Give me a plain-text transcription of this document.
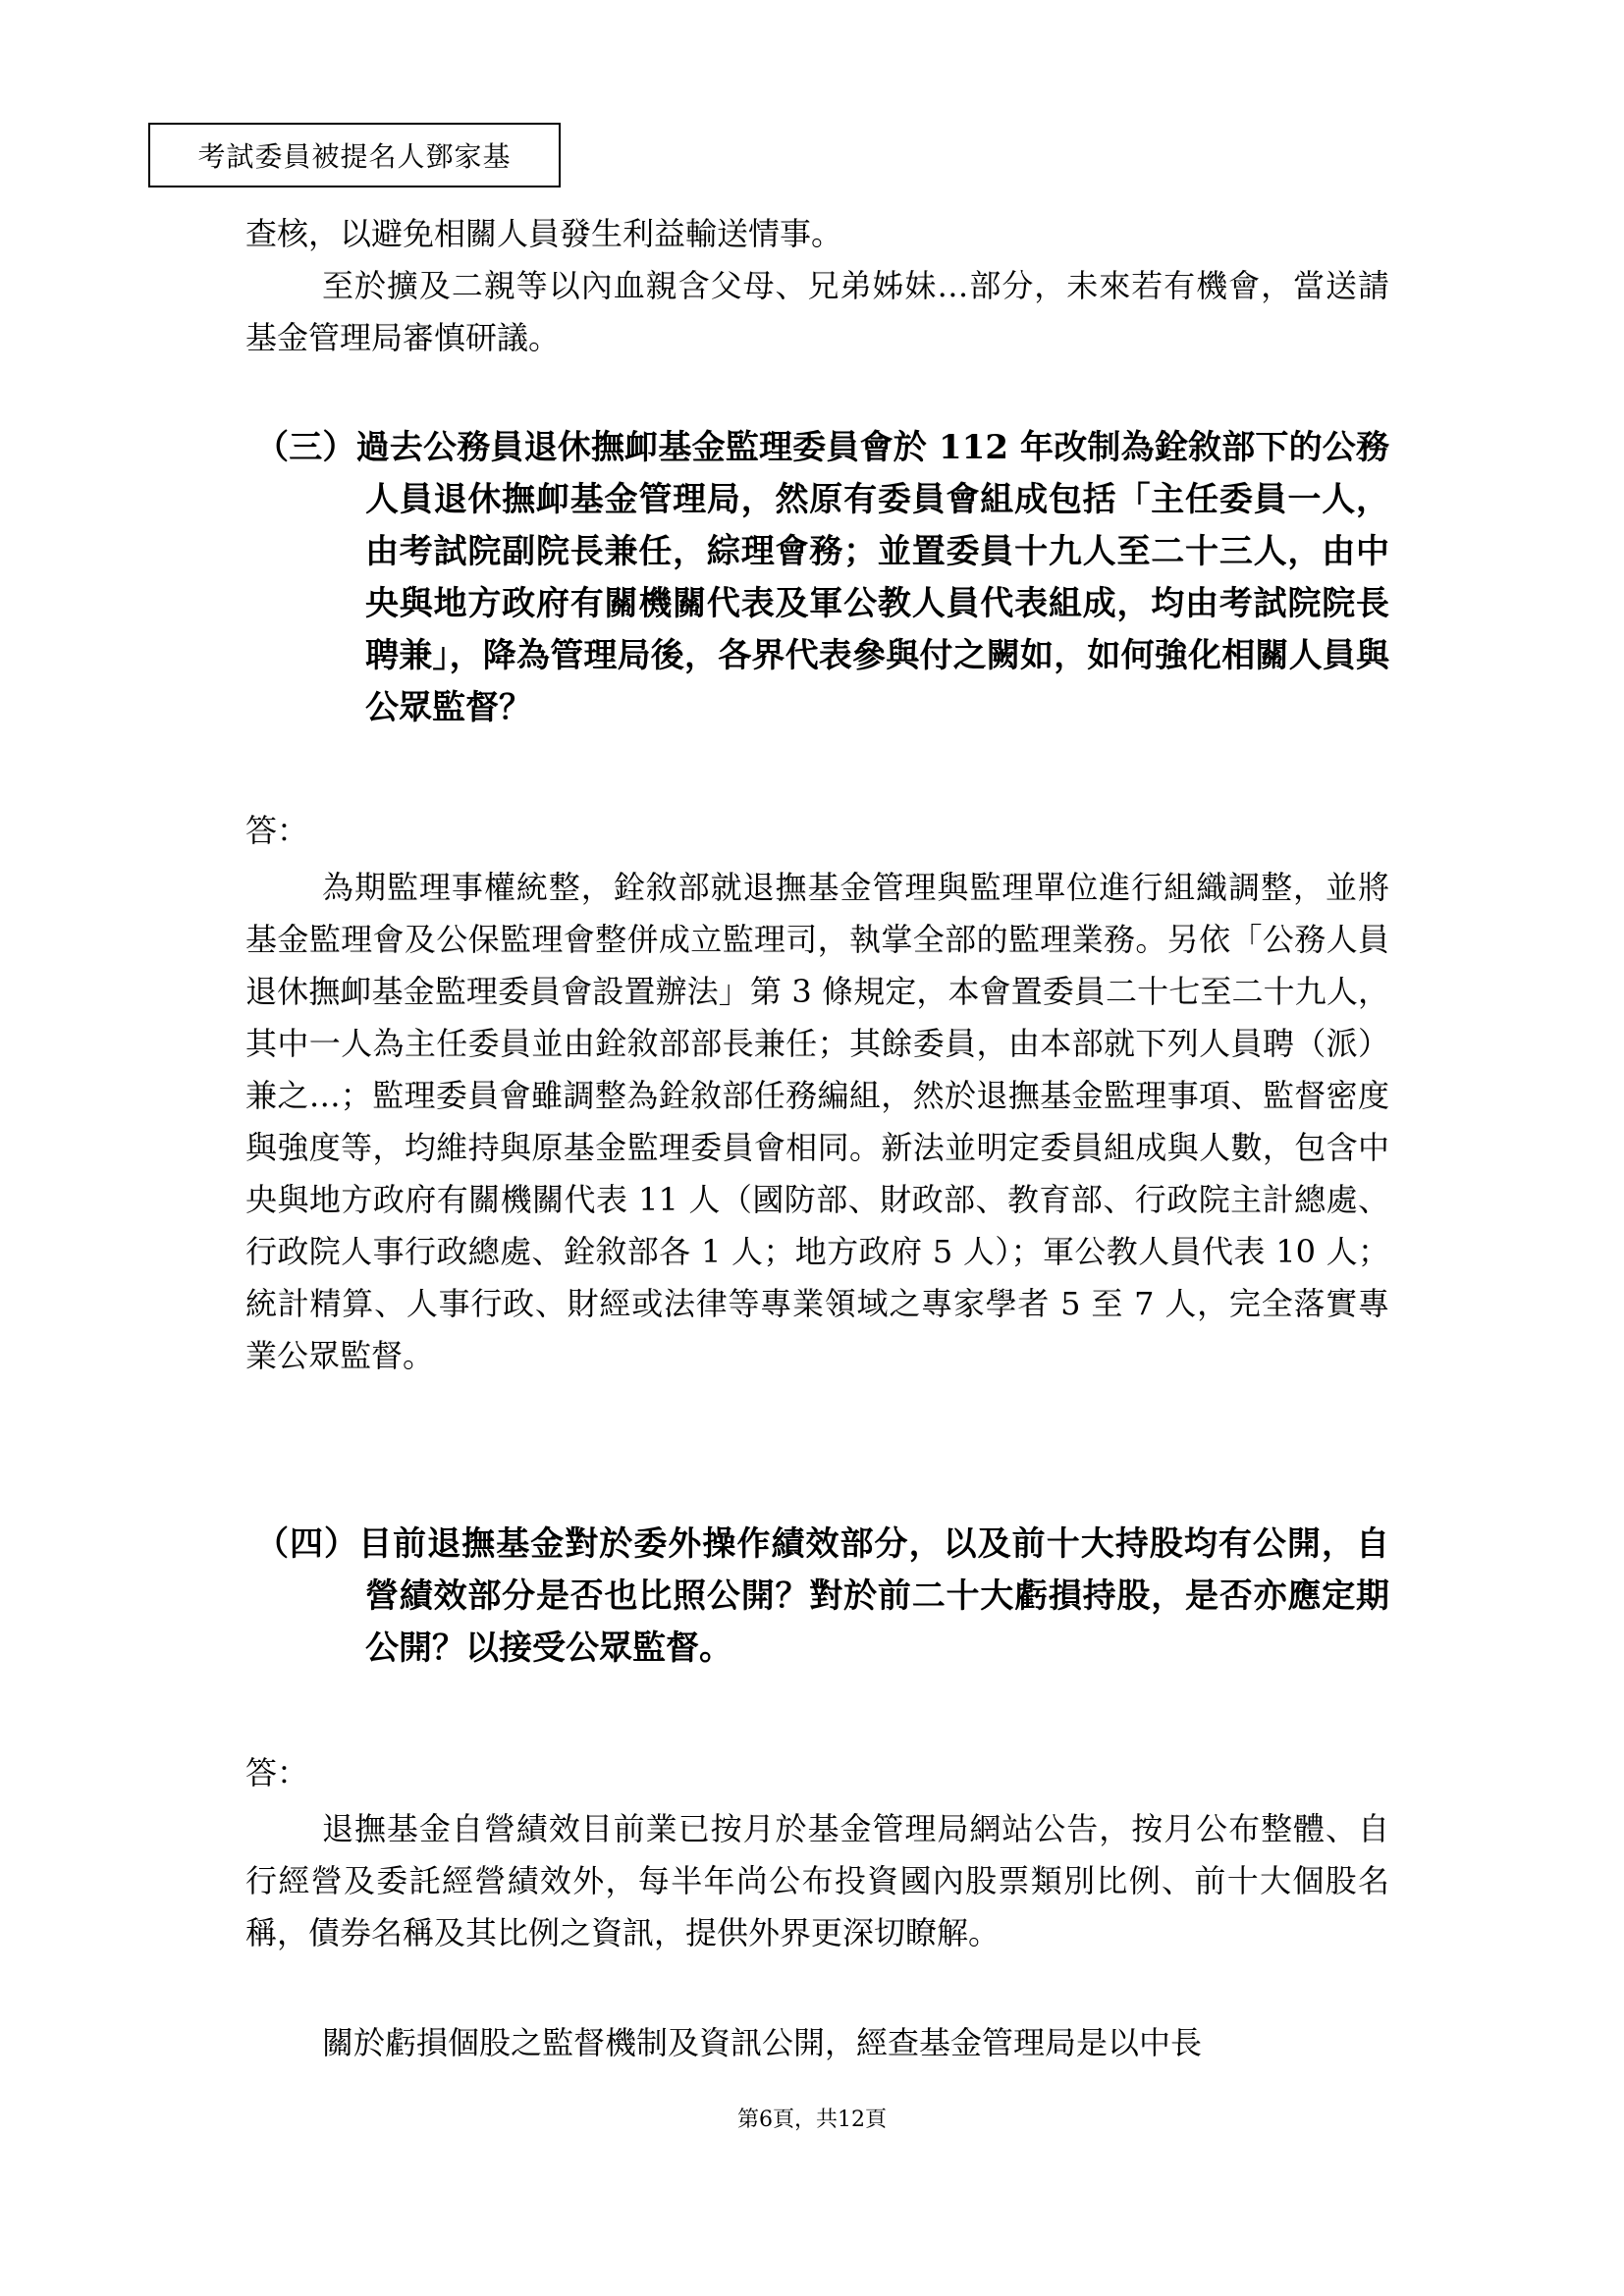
考試委員被提名人鄧家基
查核，以避免相關人員發生利益輸送情事。
至於擴及二親等以內血親含父母、兄弟姊妹…部分，未來若有機會，當送請基金管理局審慎研議。
（三）過去公務員退休撫卹基金監理委員會於 112 年改制為銓敘部下的公務人員退休撫卹基金管理局，然原有委員會組成包括「主任委員一人，由考試院副院長兼任，綜理會務；並置委員十九人至二十三人，由中央與地方政府有關機關代表及軍公教人員代表組成，均由考試院院長聘兼」，降為管理局後，各界代表參與付之闕如，如何強化相關人員與公眾監督？
答：
為期監理事權統整，銓敘部就退撫基金管理與監理單位進行組織調整，並將基金監理會及公保監理會整併成立監理司，執掌全部的監理業務。另依「公務人員退休撫卹基金監理委員會設置辦法」第 3 條規定，本會置委員二十七至二十九人，其中一人為主任委員並由銓敘部部長兼任；其餘委員，由本部就下列人員聘（派）兼之…；監理委員會雖調整為銓敘部任務編組，然於退撫基金監理事項、監督密度與強度等，均維持與原基金監理委員會相同。新法並明定委員組成與人數，包含中央與地方政府有關機關代表 11 人（國防部、財政部、教育部、行政院主計總處、行政院人事行政總處、銓敘部各 1 人；地方政府 5 人）；軍公教人員代表 10 人；統計精算、人事行政、財經或法律等專業領域之專家學者 5 至 7 人，完全落實專業公眾監督。
（四）目前退撫基金對於委外操作績效部分，以及前十大持股均有公開，自營績效部分是否也比照公開？對於前二十大虧損持股，是否亦應定期公開？以接受公眾監督。
答：
退撫基金自營績效目前業已按月於基金管理局網站公告，按月公布整體、自行經營及委託經營績效外，每半年尚公布投資國內股票類別比例、前十大個股名稱，債券名稱及其比例之資訊，提供外界更深切瞭解。
關於虧損個股之監督機制及資訊公開，經查基金管理局是以中長
第6頁，共12頁
